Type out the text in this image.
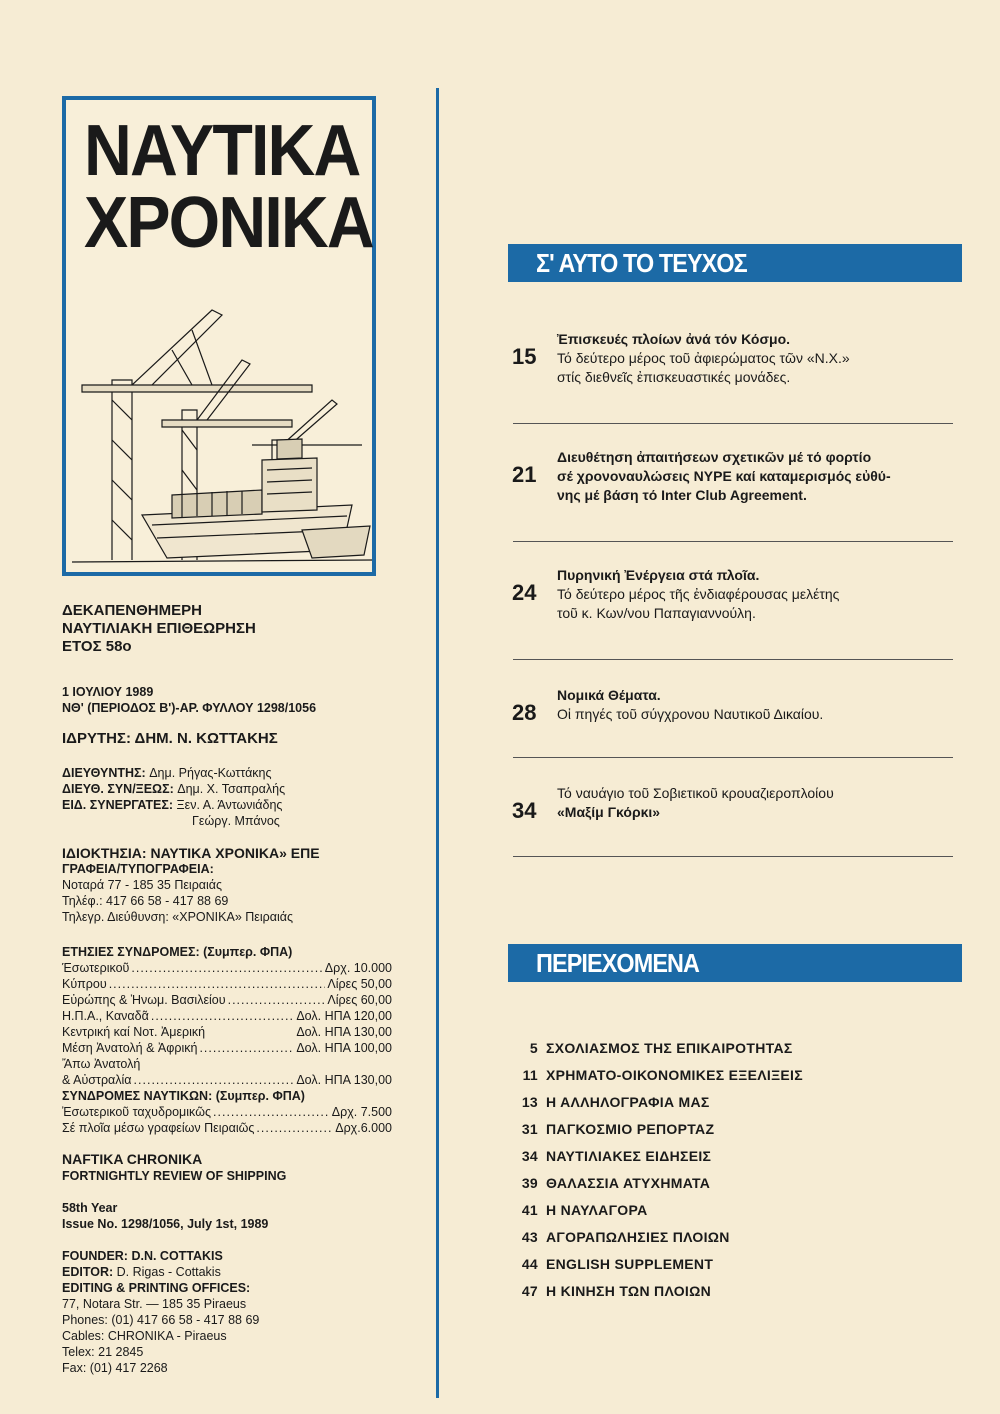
ΝΑΥΤΙΚΑ
ΧΡΟΝΙΚΑ
ΔΕΚΑΠΕΝΘΗΜΕΡΗ
ΝΑΥΤΙΛΙΑΚΗ ΕΠΙΘΕΩΡΗΣΗ
ΕΤΟΣ 58ο
1 ΙΟΥΛΙΟΥ 1989
ΝΘ' (ΠΕΡΙΟΔΟΣ Β')-ΑΡ. ΦΥΛΛΟΥ 1298/1056
ΙΔΡΥΤΗΣ: ΔΗΜ. Ν. ΚΩΤΤΑΚΗΣ
ΔΙΕΥΘΥΝΤΗΣ: Δημ. Ρήγας-Κωττάκης
ΔΙΕΥΘ. ΣΥΝ/ΞΕΩΣ: Δημ. Χ. Τσαπραλής
ΕΙΔ. ΣΥΝΕΡΓΑΤΕΣ: Ξεν. Α. Άντωνιάδης
Γεώργ. Μπάνος
ΙΔΙΟΚΤΗΣΙΑ: ΝΑΥΤΙΚΑ ΧΡΟΝΙΚΑ» ΕΠΕ
ΓΡΑΦΕΙΑ/ΤΥΠΟΓΡΑΦΕΙΑ:
Νοταρά 77 - 185 35 Πειραιάς
Τηλέφ.: 417 66 58 - 417 88 69
Τηλεγρ. Διεύθυνση: «ΧΡΟΝΙΚΑ» Πειραιάς
ΕΤΗΣΙΕΣ ΣΥΝΔΡΟΜΕΣ: (Συμπερ. ΦΠΑ)
Έσωτερικοῦ .....	Δρχ. 10.000
Κύπρου .....	Λίρες 50,00
Εὐρώπης & Ἠνωμ. Βασιλείου .....	Λίρες 60,00
Η.Π.Α., Καναδᾶ .....	Δολ. ΗΠΑ 120,00
Κεντρική καί Νοτ. Ἀμερική	Δολ. ΗΠΑ 130,00
Μέση Ἀνατολή & Ἀφρική .....	Δολ. ΗΠΑ 100,00
Ἄπω Ἀνατολή
& Αὐστραλία .....	Δολ. ΗΠΑ 130,00
ΣΥΝΔΡΟΜΕΣ ΝΑΥΤΙΚΩΝ: (Συμπερ. ΦΠΑ)
Ἐσωτερικοῦ ταχυδρομικῶς .....	Δρχ. 7.500
Σέ πλοῖα μέσω γραφείων Πειραιῶς .....	Δρχ.6.000
NAFTIKA CHRONIKA
FORTNIGHTLY REVIEW OF SHIPPING
58th Year
Issue No. 1298/1056, July 1st, 1989
FOUNDER: D.N. COTTAKIS
EDITOR: D. Rigas - Cottakis
EDITING & PRINTING OFFICES:
77, Notara Str. — 185 35 Piraeus
Phones: (01) 417 66 58 - 417 88 69
Cables: CHRONIKA - Piraeus
Telex: 21 2845
Fax: (01) 417 2268
Σ' ΑΥΤΟ ΤΟ ΤΕΥΧΟΣ
15
Ἐπισκευές πλοίων ἀνά τόν Κόσμο.
Τό δεύτερο μέρος τοῦ ἀφιερώματος τῶν «Ν.Χ.»
στίς διεθνεῖς ἐπισκευαστικές μονάδες.
21
Διευθέτηση ἀπαιτήσεων σχετικῶν μέ τό φορτίο
σέ χρονοναυλώσεις NYPE καί καταμερισμός εὐθύ-
νης μέ βάση τό Inter Club Agreement.
24
Πυρηνική Ἐνέργεια στά πλοῖα.
Τό δεύτερο μέρος τῆς ἐνδιαφέρουσας μελέτης
τοῦ κ. Κων/νου Παπαγιαννούλη.
28
Νομικά Θέματα.
Οἱ πηγές τοῦ σύγχρονου Ναυτικοῦ Δικαίου.
34
Τό ναυάγιο τοῦ Σοβιετικοῦ κρουαζιεροπλοίου
«Μαξίμ Γκόρκι»
ΠΕΡΙΕΧΟΜΕΝΑ
5 ΣΧΟΛΙΑΣΜΟΣ ΤΗΣ ΕΠΙΚΑΙΡΟΤΗΤΑΣ
11 ΧΡΗΜΑΤΟ-ΟΙΚΟΝΟΜΙΚΕΣ ΕΞΕΛΙΞΕΙΣ
13 Η ΑΛΛΗΛΟΓΡΑΦΙΑ ΜΑΣ
31 ΠΑΓΚΟΣΜΙΟ ΡΕΠΟΡΤΑΖ
34 ΝΑΥΤΙΛΙΑΚΕΣ ΕΙΔΗΣΕΙΣ
39 ΘΑΛΑΣΣΙΑ ΑΤΥΧΗΜΑΤΑ
41 Η ΝΑΥΛΑΓΟΡΑ
43 ΑΓΟΡΑΠΩΛΗΣΙΕΣ ΠΛΟΙΩΝ
44 ENGLISH SUPPLEMENT
47 Η ΚΙΝΗΣΗ ΤΩΝ ΠΛΟΙΩΝ
